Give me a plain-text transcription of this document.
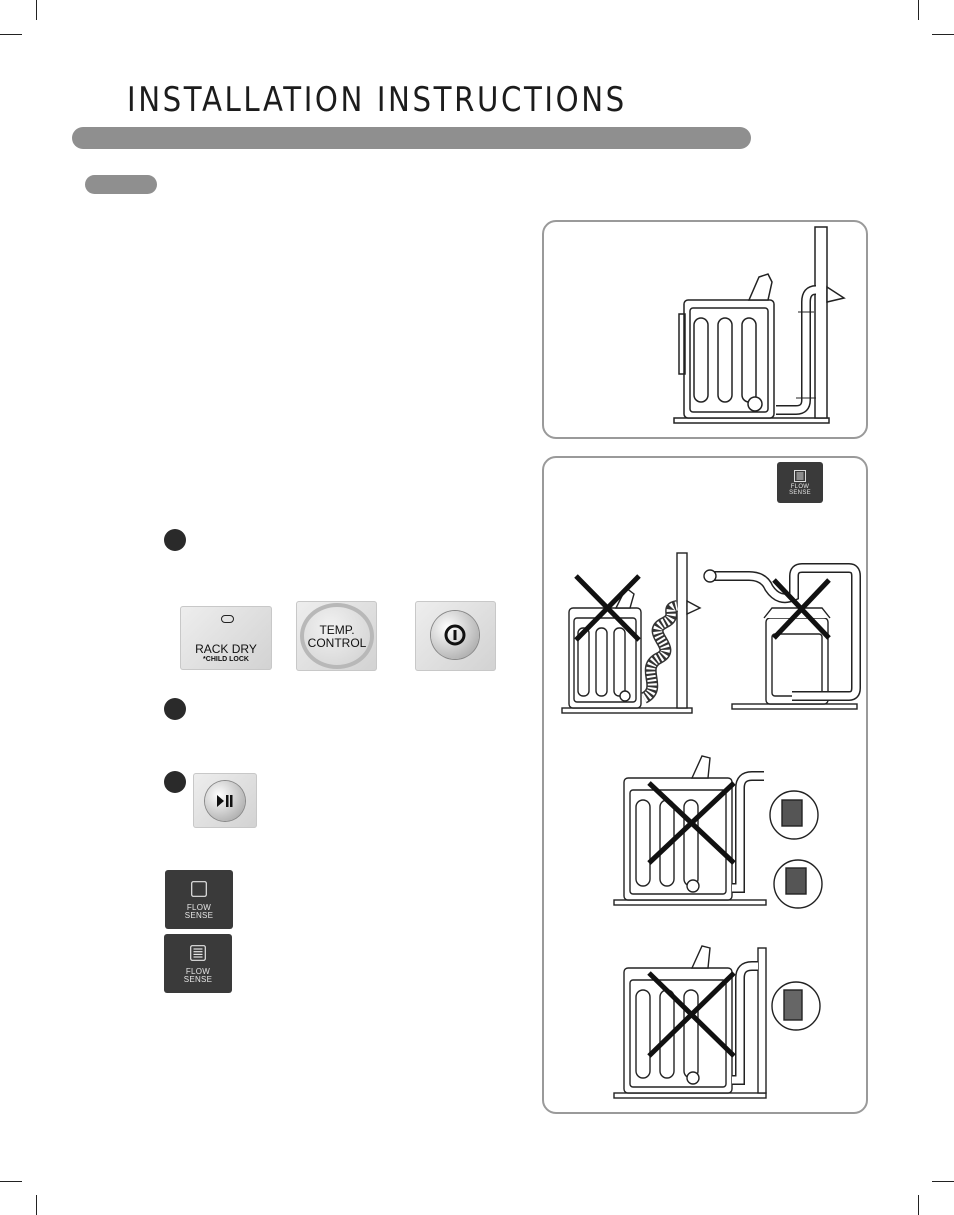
INSTALLATION INSTRUCTIONS
FLOW
SENSE
RACK DRY
*CHILD LOCK
TEMP.
CONTROL
FLOW
SENSE
FLOW
SENSE
